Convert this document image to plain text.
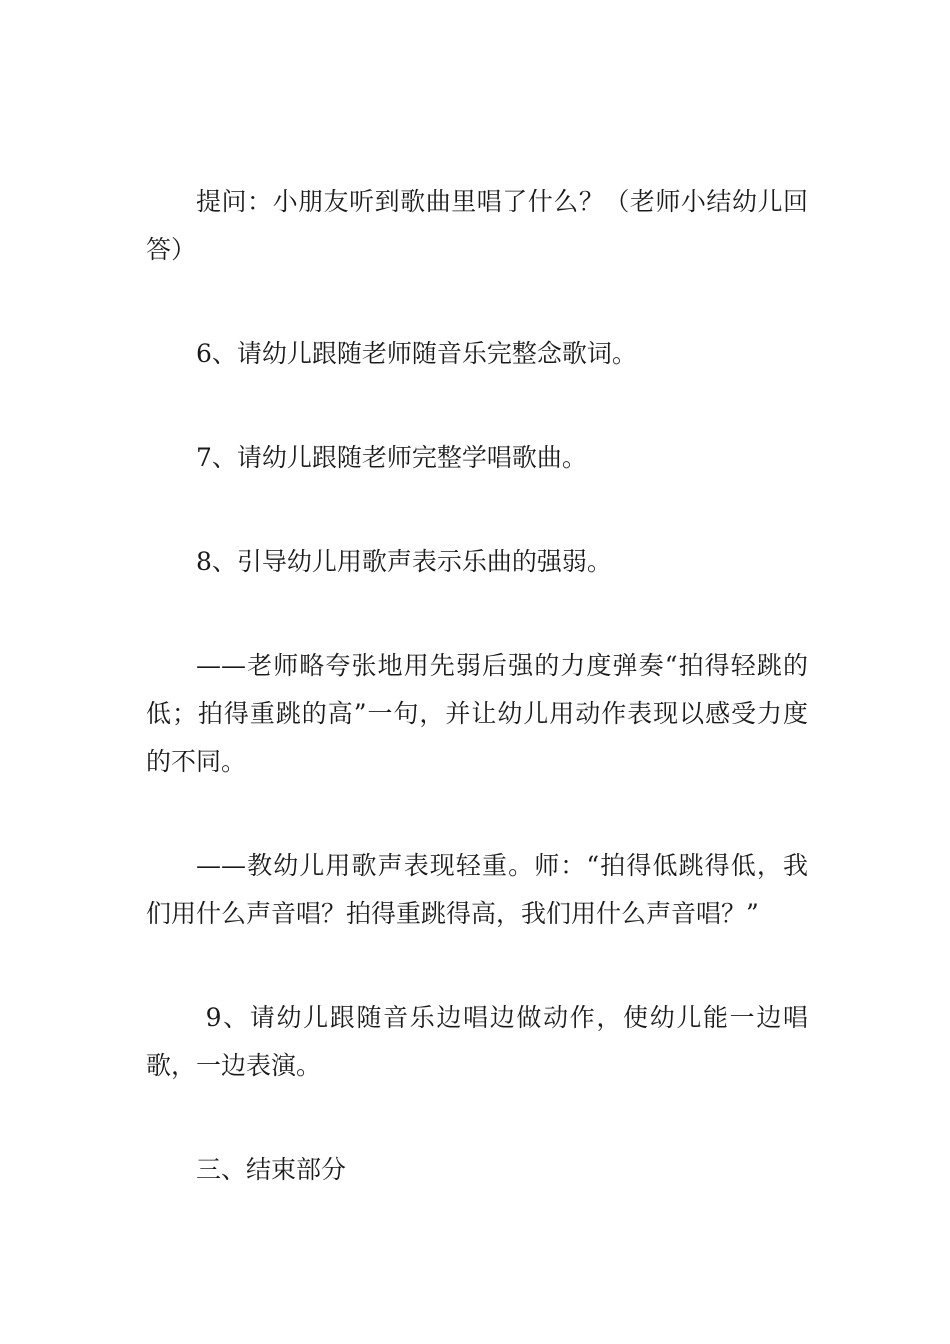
提问：小朋友听到歌曲里唱了什么？（老师小结幼儿回答）

6、请幼儿跟随老师随音乐完整念歌词。

7、请幼儿跟随老师完整学唱歌曲。

8、引导幼儿用歌声表示乐曲的强弱。

——老师略夸张地用先弱后强的力度弹奏“拍得轻跳的低；拍得重跳的高”一句，并让幼儿用动作表现以感受力度的不同。

——教幼儿用歌声表现轻重。师：“拍得低跳得低，我们用什么声音唱？拍得重跳得高，我们用什么声音唱？”

9、请幼儿跟随音乐边唱边做动作，使幼儿能一边唱歌，一边表演。

三、结束部分
